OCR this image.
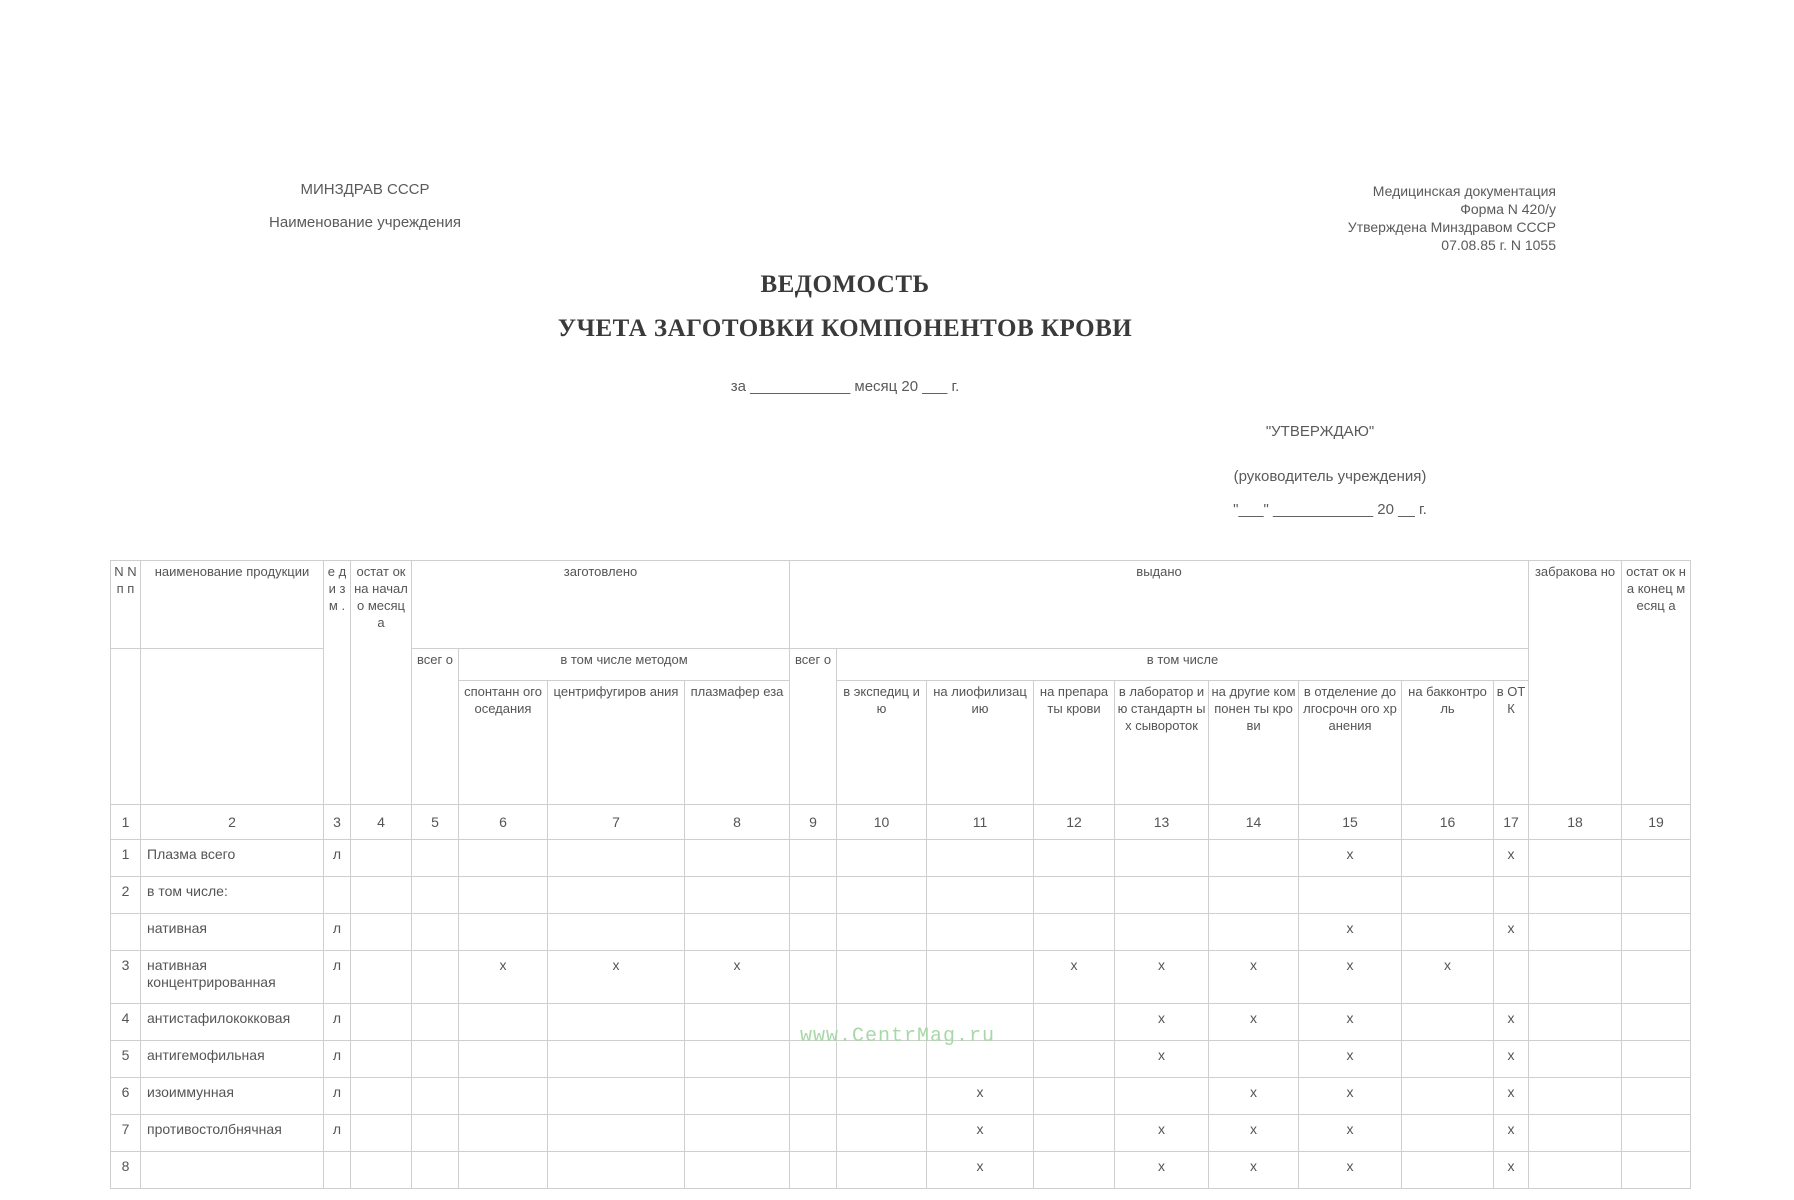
МИНЗДРАВ СССР
Наименование учреждения
Медицинская документация
Форма N 420/у
Утверждена Минздравом СССР
07.08.85 г. N 1055
ВЕДОМОСТЬ
УЧЕТА ЗАГОТОВКИ КОМПОНЕНТОВ КРОВИ
за ____________ месяц 20 ___ г.
"УТВЕРЖДАЮ"
(руководитель учреждения)
"___" ____________ 20 __ г.
N N п п	наименование продукции	е д и з м .	остат ок на начал о месяц а	заготовлено				выдано									забракова но	остат ок на конец месяц а
				всег о	в том числе методом			всег о	в том числе									
					спонтанн ого оседания	центрифугиров ания	плазмафер еза		в экспедиц ию	на лиофилизац ию	на препара ты крови	в лаборатор ию стандартн ых сывороток	на другие компонен ты крови	в отделение долгосрочн ого хранения	на бакконтро ль	в ОТ К		
1	2	3	4	5	6	7	8	9	10	11	12	13	14	15	16	17	18	19
1	Плазма всего	л												x		x		
2	в том числе:																	
	нативная	л												x		x		
3	нативная концентрированная	л			x	x	x				x	x	x	x	x			
4	антистафилококковая	л										x	x	x		x		
5	антигемофильная	л										x		x		x		
6	изоиммунная	л								x			x	x		x		
7	противостолбнячная	л								x		x	x	x		x		
8										x		x	x	x		x		
www.CentrMag.ru
